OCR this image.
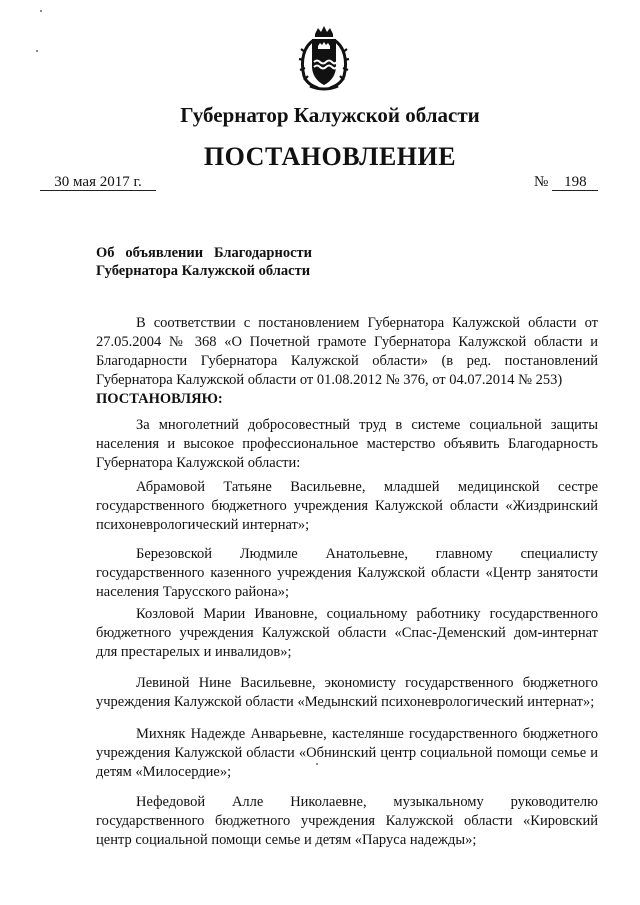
Губернатор Калужской области
ПОСТАНОВЛЕНИЕ
30 мая 2017 г.	№ 198
Об   объявлении   Благодарности
Губернатора Калужской области
В соответствии с постановлением Губернатора Калужской области от 27.05.2004 № 368 «О Почетной грамоте Губернатора Калужской области и Благодарности Губернатора Калужской области» (в ред. постановлений Губернатора Калужской области от 01.08.2012 № 376, от 04.07.2014 № 253)
ПОСТАНОВЛЯЮ:
За многолетний добросовестный труд в системе социальной защиты населения и высокое профессиональное мастерство объявить Благодарность Губернатора Калужской области:
Абрамовой Татьяне Васильевне, младшей медицинской сестре государственного бюджетного учреждения Калужской области «Жиздринский психоневрологический интернат»;
Березовской Людмиле Анатольевне, главному специалисту государственного казенного учреждения Калужской области «Центр занятости населения Тарусского района»;
Козловой Марии Ивановне, социальному работнику государственного бюджетного учреждения Калужской области «Спас-Деменский дом-интернат для престарелых и инвалидов»;
Левиной Нине Васильевне, экономисту государственного бюджетного учреждения Калужской области «Медынский психоневрологический интернат»;
Михняк Надежде Анварьевне, кастелянше государственного бюджетного учреждения Калужской области «Обнинский центр социальной помощи семье и детям «Милосердие»;
Нефедовой Алле Николаевне, музыкальному руководителю государственного бюджетного учреждения Калужской области «Кировский центр социальной помощи семье и детям «Паруса надежды»;
